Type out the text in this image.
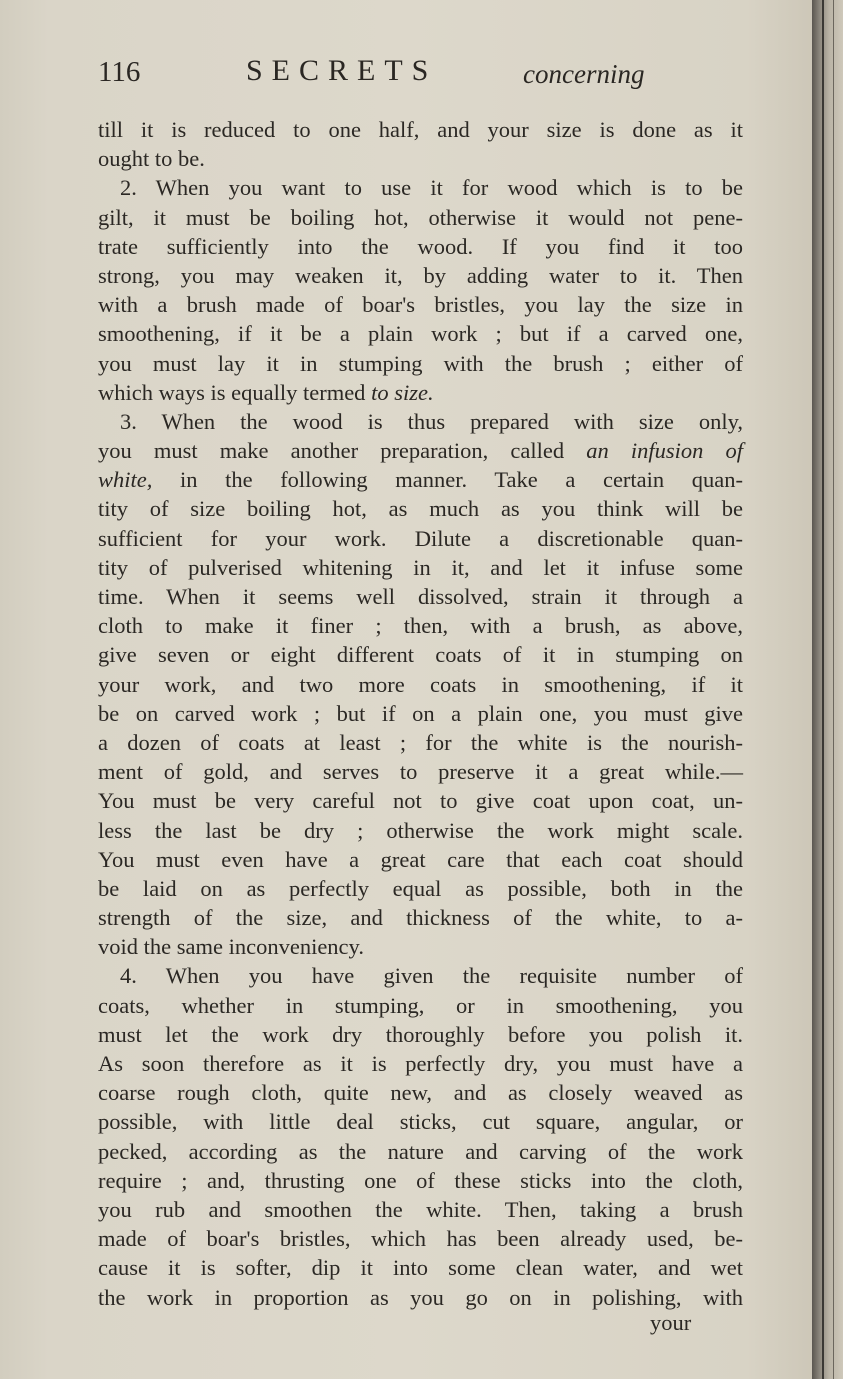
116	SECRETS	concerning
till it is reduced to one half, and your size is done as it
ought to be.
2. When you want to use it for wood which is to be
gilt, it must be boiling hot, otherwise it would not pene-
trate sufficiently into the wood. If you find it too
strong, you may weaken it, by adding water to it. Then
with a brush made of boar's bristles, you lay the size in
smoothening, if it be a plain work ; but if a carved one,
you must lay it in stumping with the brush ; either of
which ways is equally termed to size.
3. When the wood is thus prepared with size only,
you must make another preparation, called an infusion of
white, in the following manner. Take a certain quan-
tity of size boiling hot, as much as you think will be
sufficient for your work. Dilute a discretionable quan-
tity of pulverised whitening in it, and let it infuse some
time. When it seems well dissolved, strain it through a
cloth to make it finer ; then, with a brush, as above,
give seven or eight different coats of it in stumping on
your work, and two more coats in smoothening, if it
be on carved work ; but if on a plain one, you must give
a dozen of coats at least ; for the white is the nourish-
ment of gold, and serves to preserve it a great while.—
You must be very careful not to give coat upon coat, un-
less the last be dry ; otherwise the work might scale.
You must even have a great care that each coat should
be laid on as perfectly equal as possible, both in the
strength of the size, and thickness of the white, to a-
void the same inconveniency.
4. When you have given the requisite number of
coats, whether in stumping, or in smoothening, you
must let the work dry thoroughly before you polish it.
As soon therefore as it is perfectly dry, you must have a
coarse rough cloth, quite new, and as closely weaved as
possible, with little deal sticks, cut square, angular, or
pecked, according as the nature and carving of the work
require ; and, thrusting one of these sticks into the cloth,
you rub and smoothen the white. Then, taking a brush
made of boar's bristles, which has been already used, be-
cause it is softer, dip it into some clean water, and wet
the work in proportion as you go on in polishing, with
your
